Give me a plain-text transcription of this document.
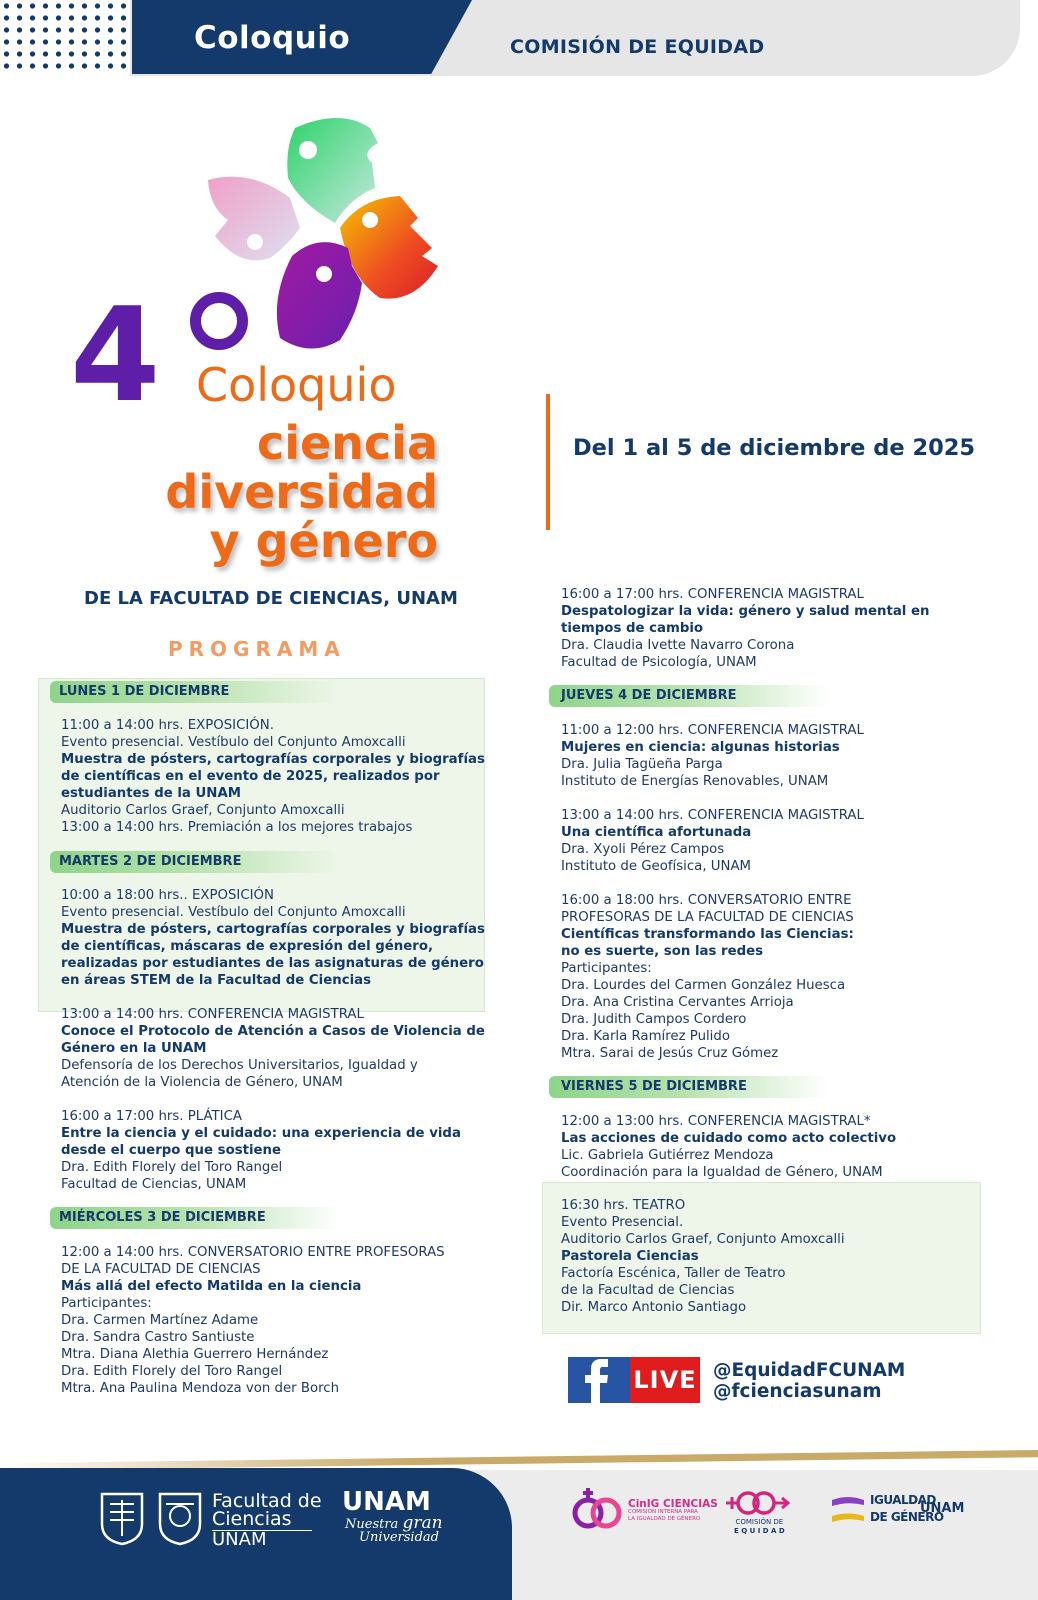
Coloquio	COMISIÓN DE EQUIDAD
4 Coloquio
ciencia
diversidad
y género
DE LA FACULTAD DE CIENCIAS, UNAM
PROGRAMA
Del 1 al 5 de diciembre de 2025
LUNES 1 DE DICIEMBRE
11:00 a 14:00 hrs. EXPOSICIÓN.
Evento presencial. Vestíbulo del Conjunto Amoxcalli
Muestra de pósters, cartografías corporales y biografías
de científicas en el evento de 2025, realizados por
estudiantes de la UNAM
Auditorio Carlos Graef, Conjunto Amoxcalli
13:00 a 14:00 hrs. Premiación a los mejores trabajos
MARTES 2 DE DICIEMBRE
10:00 a 18:00 hrs.. EXPOSICIÓN
Evento presencial. Vestíbulo del Conjunto Amoxcalli
Muestra de pósters, cartografías corporales y biografías
de científicas, máscaras de expresión del género,
realizadas por estudiantes de las asignaturas de género
en áreas STEM de la Facultad de Ciencias
13:00 a 14:00 hrs. CONFERENCIA MAGISTRAL
Conoce el Protocolo de Atención a Casos de Violencia de
Género en la UNAM
Defensoría de los Derechos Universitarios, Igualdad y
Atención de la Violencia de Género, UNAM
16:00 a 17:00 hrs. PLÁTICA
Entre la ciencia y el cuidado: una experiencia de vida
desde el cuerpo que sostiene
Dra. Edith Florely del Toro Rangel
Facultad de Ciencias, UNAM
MIÉRCOLES 3 DE DICIEMBRE
12:00 a 14:00 hrs. CONVERSATORIO ENTRE PROFESORAS
DE LA FACULTAD DE CIENCIAS
Más allá del efecto Matilda en la ciencia
Participantes:
Dra. Carmen Martínez Adame
Dra. Sandra Castro Santiuste
Mtra. Diana Alethia Guerrero Hernández
Dra. Edith Florely del Toro Rangel
Mtra. Ana Paulina Mendoza von der Borch
16:00 a 17:00 hrs. CONFERENCIA MAGISTRAL
Despatologizar la vida: género y salud mental en
tiempos de cambio
Dra. Claudia Ivette Navarro Corona
Facultad de Psicología, UNAM
JUEVES 4 DE DICIEMBRE
11:00 a 12:00 hrs. CONFERENCIA MAGISTRAL
Mujeres en ciencia: algunas historias
Dra. Julia Tagüeña Parga
Instituto de Energías Renovables, UNAM
13:00 a 14:00 hrs. CONFERENCIA MAGISTRAL
Una científica afortunada
Dra. Xyoli Pérez Campos
Instituto de Geofísica, UNAM
16:00 a 18:00 hrs. CONVERSATORIO ENTRE
PROFESORAS DE LA FACULTAD DE CIENCIAS
Científicas transformando las Ciencias:
no es suerte, son las redes
Participantes:
Dra. Lourdes del Carmen González Huesca
Dra. Ana Cristina Cervantes Arrioja
Dra. Judith Campos Cordero
Dra. Karla Ramírez Pulido
Mtra. Sarai de Jesús Cruz Gómez
VIERNES 5 DE DICIEMBRE
12:00 a 13:00 hrs. CONFERENCIA MAGISTRAL*
Las acciones de cuidado como acto colectivo
Lic. Gabriela Gutiérrez Mendoza
Coordinación para la Igualdad de Género, UNAM
16:30 hrs. TEATRO
Evento Presencial.
Auditorio Carlos Graef, Conjunto Amoxcalli
Pastorela Ciencias
Factoría Escénica, Taller de Teatro
de la Facultad de Ciencias
Dir. Marco Antonio Santiago
LIVE @EquidadFCUNAM
@fcienciasunam
Facultad de
Ciencias
UNAM
UNAM
Nuestra gran
Universidad
CinIG CIENCIAS
COMISIÓN INTERNA PARA
LA IGUALDAD DE GÉNERO	COMISIÓN DE
E Q U I D A D
IGUALDAD
DE GÉNERO
UNAM
